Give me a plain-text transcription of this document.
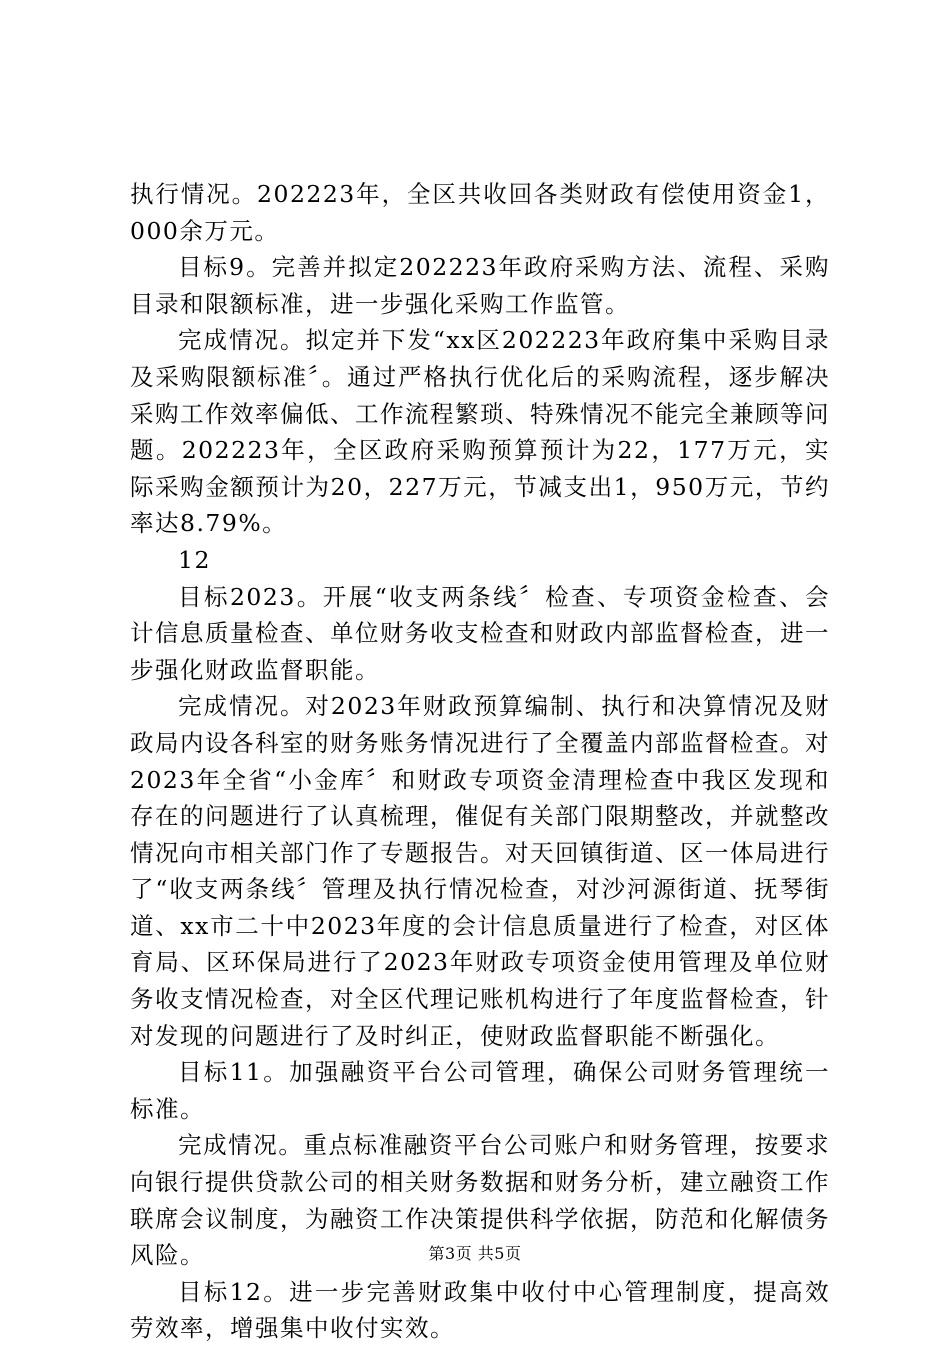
执行情况。202223年，全区共收回各类财政有偿使用资金1，000余万元。

目标9。完善并拟定202223年政府采购方法、流程、采购目录和限额标准，进一步强化采购工作监管。

完成情况。拟定并下发“xx区202223年政府集中采购目录及采购限额标准〞。通过严格执行优化后的采购流程，逐步解决采购工作效率偏低、工作流程繁琐、特殊情况不能完全兼顾等问题。202223年，全区政府采购预算预计为22，177万元，实际采购金额预计为20，227万元，节减支出1，950万元，节约率达8.79%。

12

目标2023。开展“收支两条线〞检查、专项资金检查、会计信息质量检查、单位财务收支检查和财政内部监督检查，进一步强化财政监督职能。

完成情况。对2023年财政预算编制、执行和决算情况及财政局内设各科室的财务账务情况进行了全覆盖内部监督检查。对2023年全省“小金库〞和财政专项资金清理检查中我区发现和存在的问题进行了认真梳理，催促有关部门限期整改，并就整改情况向市相关部门作了专题报告。对天回镇街道、区一体局进行了“收支两条线〞管理及执行情况检查，对沙河源街道、抚琴街道、xx市二十中2023年度的会计信息质量进行了检查，对区体育局、区环保局进行了2023年财政专项资金使用管理及单位财务收支情况检查，对全区代理记账机构进行了年度监督检查，针对发现的问题进行了及时纠正，使财政监督职能不断强化。

目标11。加强融资平台公司管理，确保公司财务管理统一标准。

完成情况。重点标准融资平台公司账户和财务管理，按要求向银行提供贷款公司的相关财务数据和财务分析，建立融资工作联席会议制度，为融资工作决策提供科学依据，防范和化解债务风险。

目标12。进一步完善财政集中收付中心管理制度，提高效劳效率，增强集中收付实效。

第3页 共5页
